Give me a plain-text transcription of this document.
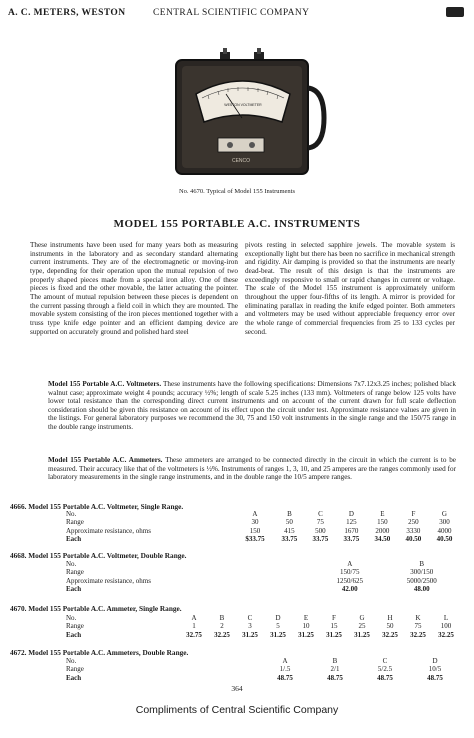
A. C. METERS, WESTON	CENTRAL SCIENTIFIC COMPANY
WESTON VOLTMETER
CENCO
No. 4670. Typical of Model 155 Instruments
MODEL 155 PORTABLE A.C. INSTRUMENTS
These instruments have been used for many years both as measuring instruments in the laboratory and as secondary standard alternating current instruments. They are of the electromagnetic or moving-iron type, depending for their operation upon the mutual repulsion of two properly shaped pieces made from a special iron alloy. One of these pieces is fixed and the other movable, the latter actuating the pointer. The amount of mutual repulsion between these pieces is dependent on the current passing through a field coil in which they are mounted. The movable system consisting of the iron pieces mentioned together with a truss type knife edge pointer and an efficient damping device are supported on accurately ground and polished hard steel
pivots resting in selected sapphire jewels. The movable system is exceptionally light but there has been no sacrifice in mechanical strength and rigidity. Air damping is provided so that the instruments are nearly dead-beat. The result of this design is that the instruments are exceedingly responsive to small or rapid changes in current or voltage. The scale of the Model 155 instrument is approximately uniform throughout the upper four-fifths of its length. A mirror is provided for eliminating parallax in reading the knife edged pointer. Both ammeters and voltmeters may be used without appreciable frequency error over the whole range of commercial frequencies from 25 to 133 cycles per second.
Model 155 Portable A.C. Voltmeters. These instruments have the following specifications: Dimensions 7x7.12x3.25 inches; polished black walnut case; approximate weight 4 pounds; accuracy ½%; length of scale 5.25 inches (133 mm). Voltmeters of range below 125 volts have lower total resistance than the corresponding direct current instruments and on account of the current drawn for full scale deflection consideration should be given this resistance on account of its effect upon the circuit under test. Approximate resistance values are given in the listings. For general laboratory purposes we recommend the 30, 75 and 150 volt instruments in the single range and the 150/75 range in the double range instruments.
Model 155 Portable A.C. Ammeters. These ammeters are arranged to be connected directly in the circuit in which the current is to be measured. Their accuracy like that of the voltmeters is ½%. Instruments of ranges 1, 3, 10, and 25 amperes are the ranges commonly used for laboratory measurements in the single range instruments, and in the double range the 10/5 ampere ranges.
4666. Model 155 Portable A.C. Voltmeter, Single Range.
No.	A	B	C	D	E	F	G
Range	30	50	75	125	150	250	300
Approximate resistance, ohms	150	415	500	1670	2000	3330	4000
Each	$33.75	33.75	33.75	33.75	34.50	40.50	40.50
4668. Model 155 Portable A.C. Voltmeter, Double Range.
No.	A	B
Range	150/75	300/150
Approximate resistance, ohms	1250/625	5000/2500
Each	42.00	48.00
4670. Model 155 Portable A.C. Ammeter, Single Range.
No.	A	B	C	D	E	F	G	H	K	L
Range	1	2	3	5	10	15	25	50	75	100
Each	32.75	32.25	31.25	31.25	31.25	31.25	31.25	32.25	32.25	32.25
4672. Model 155 Portable A.C. Ammeters, Double Range.
No.	A	B	C	D
Range	1/.5	2/1	5/2.5	10/5
Each	48.75	48.75	48.75	48.75
364
Compliments of Central Scientific Company
